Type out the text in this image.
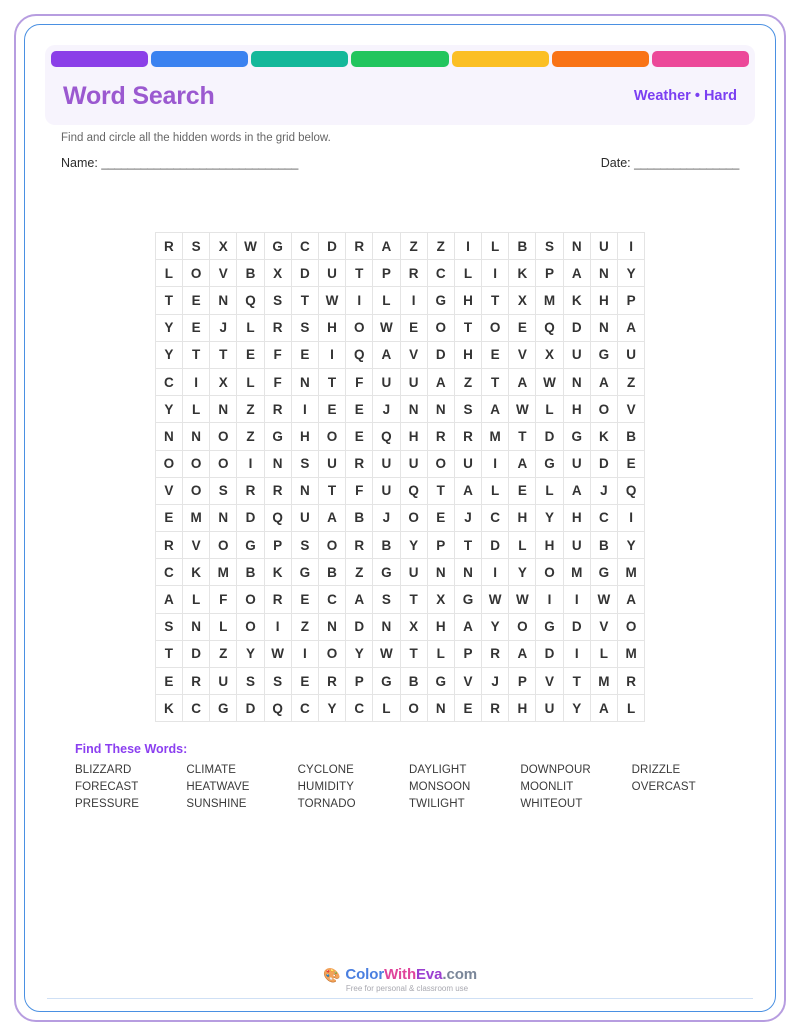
Word Search	Weather • Hard
Find and circle all the hidden words in the grid below.
Name: ______________________________	Date: ________________
R	S	X	W	G	C	D	R	A	Z	Z	I	L	B	S	N	U	I
L	O	V	B	X	D	U	T	P	R	C	L	I	K	P	A	N	Y
T	E	N	Q	S	T	W	I	L	I	G	H	T	X	M	K	H	P
Y	E	J	L	R	S	H	O	W	E	O	T	O	E	Q	D	N	A
Y	T	T	E	F	E	I	Q	A	V	D	H	E	V	X	U	G	U
C	I	X	L	F	N	T	F	U	U	A	Z	T	A	W	N	A	Z
Y	L	N	Z	R	I	E	E	J	N	N	S	A	W	L	H	O	V
N	N	O	Z	G	H	O	E	Q	H	R	R	M	T	D	G	K	B
O	O	O	I	N	S	U	R	U	U	O	U	I	A	G	U	D	E
V	O	S	R	R	N	T	F	U	Q	T	A	L	E	L	A	J	Q
E	M	N	D	Q	U	A	B	J	O	E	J	C	H	Y	H	C	I
R	V	O	G	P	S	O	R	B	Y	P	T	D	L	H	U	B	Y
C	K	M	B	K	G	B	Z	G	U	N	N	I	Y	O	M	G	M
A	L	F	O	R	E	C	A	S	T	X	G	W	W	I	I	W	A
S	N	L	O	I	Z	N	D	N	X	H	A	Y	O	G	D	V	O
T	D	Z	Y	W	I	O	Y	W	T	L	P	R	A	D	I	L	M
E	R	U	S	S	E	R	P	G	B	G	V	J	P	V	T	M	R
K	C	G	D	Q	C	Y	C	L	O	N	E	R	H	U	Y	A	L
Find These Words:
BLIZZARD	CLIMATE	CYCLONE	DAYLIGHT	DOWNPOUR	DRIZZLE
FORECAST	HEATWAVE	HUMIDITY	MONSOON	MOONLIT	OVERCAST
PRESSURE	SUNSHINE	TORNADO	TWILIGHT	WHITEOUT
🎨 ColorWithEva.com
Free for personal & classroom use
